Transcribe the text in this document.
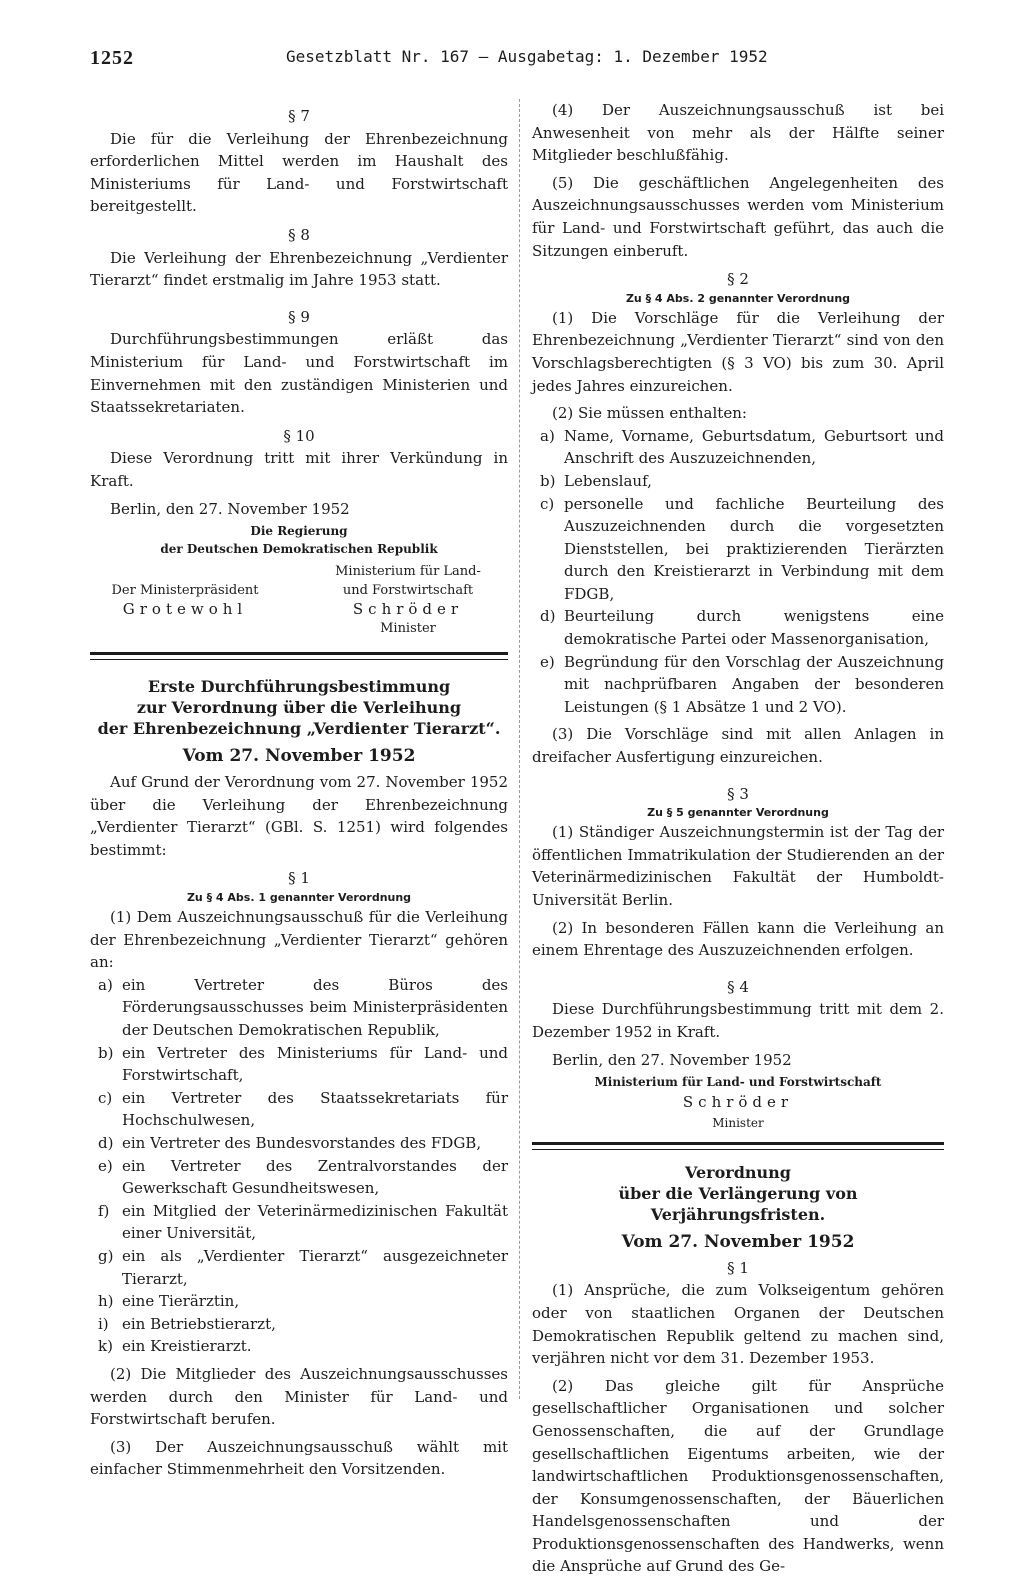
1252	Gesetzblatt Nr. 167 — Ausgabetag: 1. Dezember 1952

§ 7

Die für die Verleihung der Ehrenbezeichnung erforderlichen Mittel werden im Haushalt des Ministeriums für Land- und Forstwirtschaft bereitgestellt.

§ 8

Die Verleihung der Ehrenbezeichnung „Verdienter Tierarzt“ findet erstmalig im Jahre 1953 statt.

§ 9

Durchführungsbestimmungen erläßt das Ministerium für Land- und Forstwirtschaft im Einvernehmen mit den zuständigen Ministerien und Staatssekretariaten.

§ 10

Diese Verordnung tritt mit ihrer Verkündung in Kraft.

Berlin, den 27. November 1952

Die Regierung

der Deutschen Demokratischen Republik

Der Ministerpräsident
Grotewohl
Ministerium für Land-
und Forstwirtschaft
Schröder
Minister

Erste Durchführungsbestimmung

zur Verordnung über die Verleihung

der Ehrenbezeichnung „Verdienter Tierarzt“.

Vom 27. November 1952

Auf Grund der Verordnung vom 27. November 1952 über die Verleihung der Ehrenbezeichnung „Verdienter Tierarzt“ (GBl. S. 1251) wird folgendes bestimmt:

§ 1

Zu § 4 Abs. 1 genannter Verordnung

(1) Dem Auszeichnungsausschuß für die Verleihung der Ehrenbezeichnung „Verdienter Tierarzt“ gehören an:

a) ein Vertreter des Büros des Förderungsausschusses beim Ministerpräsidenten der Deutschen Demokratischen Republik,
b) ein Vertreter des Ministeriums für Land- und Forstwirtschaft,
c) ein Vertreter des Staatssekretariats für Hochschulwesen,
d) ein Vertreter des Bundesvorstandes des FDGB,
e) ein Vertreter des Zentralvorstandes der Gewerkschaft Gesundheitswesen,
f) ein Mitglied der Veterinärmedizinischen Fakultät einer Universität,
g) ein als „Verdienter Tierarzt“ ausgezeichneter Tierarzt,
h) eine Tierärztin,
i) ein Betriebstierarzt,
k) ein Kreistierarzt.

(2) Die Mitglieder des Auszeichnungsausschusses werden durch den Minister für Land- und Forstwirtschaft berufen.

(3) Der Auszeichnungsausschuß wählt mit einfacher Stimmenmehrheit den Vorsitzenden.

(4) Der Auszeichnungsausschuß ist bei Anwesenheit von mehr als der Hälfte seiner Mitglieder beschlußfähig.

(5) Die geschäftlichen Angelegenheiten des Auszeichnungsausschusses werden vom Ministerium für Land- und Forstwirtschaft geführt, das auch die Sitzungen einberuft.

§ 2

Zu § 4 Abs. 2 genannter Verordnung

(1) Die Vorschläge für die Verleihung der Ehrenbezeichnung „Verdienter Tierarzt“ sind von den Vorschlagsberechtigten (§ 3 VO) bis zum 30. April jedes Jahres einzureichen.

(2) Sie müssen enthalten:

a) Name, Vorname, Geburtsdatum, Geburtsort und Anschrift des Auszuzeichnenden,
b) Lebenslauf,
c) personelle und fachliche Beurteilung des Auszuzeichnenden durch die vorgesetzten Dienststellen, bei praktizierenden Tierärzten durch den Kreistierarzt in Verbindung mit dem FDGB,
d) Beurteilung durch wenigstens eine demokratische Partei oder Massenorganisation,
e) Begründung für den Vorschlag der Auszeichnung mit nachprüfbaren Angaben der besonderen Leistungen (§ 1 Absätze 1 und 2 VO).

(3) Die Vorschläge sind mit allen Anlagen in dreifacher Ausfertigung einzureichen.

§ 3

Zu § 5 genannter Verordnung

(1) Ständiger Auszeichnungstermin ist der Tag der öffentlichen Immatrikulation der Studierenden an der Veterinärmedizinischen Fakultät der Humboldt-Universität Berlin.

(2) In besonderen Fällen kann die Verleihung an einem Ehrentage des Auszuzeichnenden erfolgen.

§ 4

Diese Durchführungsbestimmung tritt mit dem 2. Dezember 1952 in Kraft.

Berlin, den 27. November 1952

Ministerium für Land- und Forstwirtschaft

Schröder

Minister

Verordnung

über die Verlängerung von Verjährungsfristen.

Vom 27. November 1952

§ 1

(1) Ansprüche, die zum Volkseigentum gehören oder von staatlichen Organen der Deutschen Demokratischen Republik geltend zu machen sind, verjähren nicht vor dem 31. Dezember 1953.

(2) Das gleiche gilt für Ansprüche gesellschaftlicher Organisationen und solcher Genossenschaften, die auf der Grundlage gesellschaftlichen Eigentums arbeiten, wie der landwirtschaftlichen Produktionsgenossenschaften, der Konsumgenossenschaften, der Bäuerlichen Handelsgenossenschaften und der Produktionsgenossenschaften des Handwerks, wenn die Ansprüche auf Grund des Ge-
